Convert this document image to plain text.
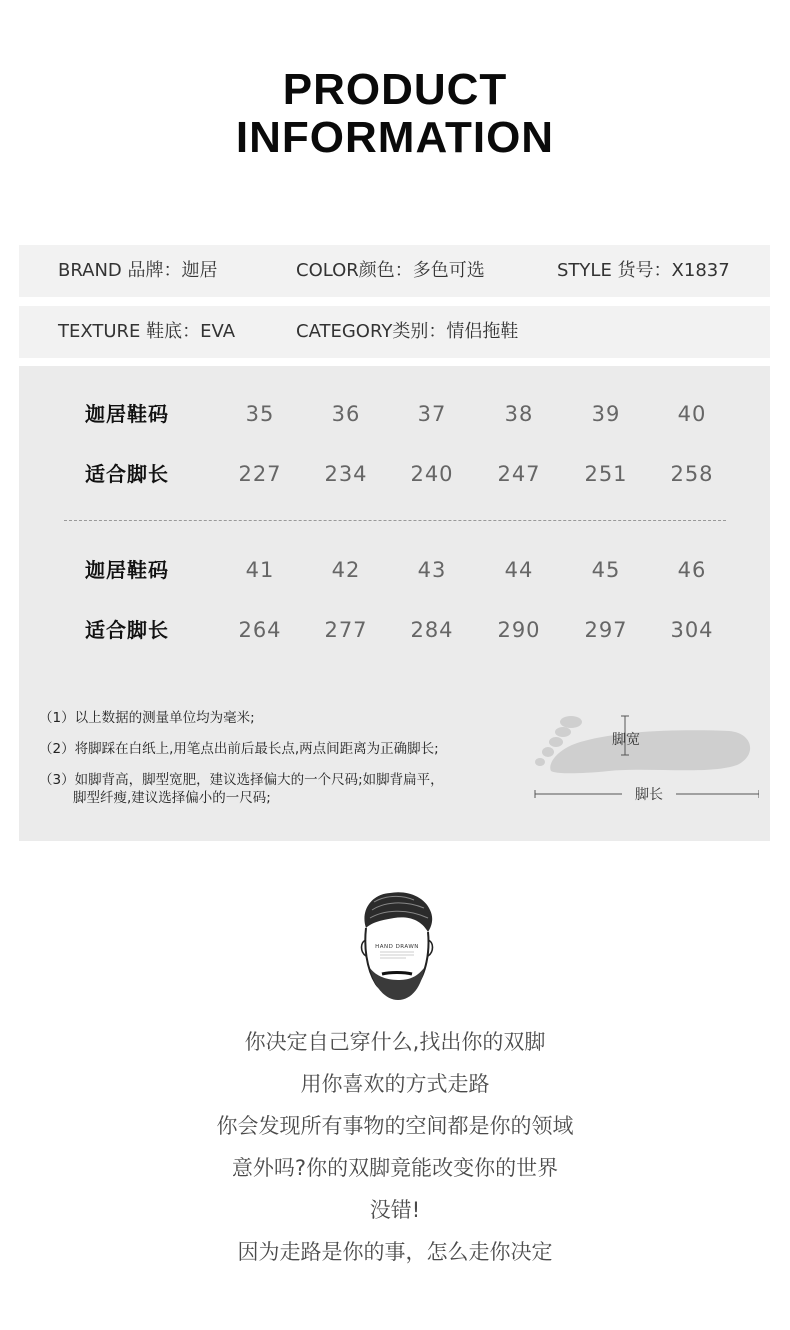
PRODUCT
INFORMATION
BRAND 品牌：迦居	COLOR颜色：多色可选	STYLE 货号：X1837
TEXTURE 鞋底：EVA	CATEGORY类别：情侣拖鞋
迦居鞋码	35	36	37	38	39	40
适合脚长	227	234	240	247	251	258
迦居鞋码	41	42	43	44	45	46
适合脚长	264	277	284	290	297	304
（1）以上数据的测量单位均为毫米;
（2）将脚踩在白纸上,用笔点出前后最长点,两点间距离为正确脚长;
（3）如脚背高，脚型宽肥，建议选择偏大的一个尺码;如脚背扁平，
脚型纤瘦,建议选择偏小的一尺码;
脚宽
脚长
HAND DRAWN
你决定自己穿什么,找出你的双脚
用你喜欢的方式走路
你会发现所有事物的空间都是你的领域
意外吗?你的双脚竟能改变你的世界
没错!
因为走路是你的事，怎么走你决定
